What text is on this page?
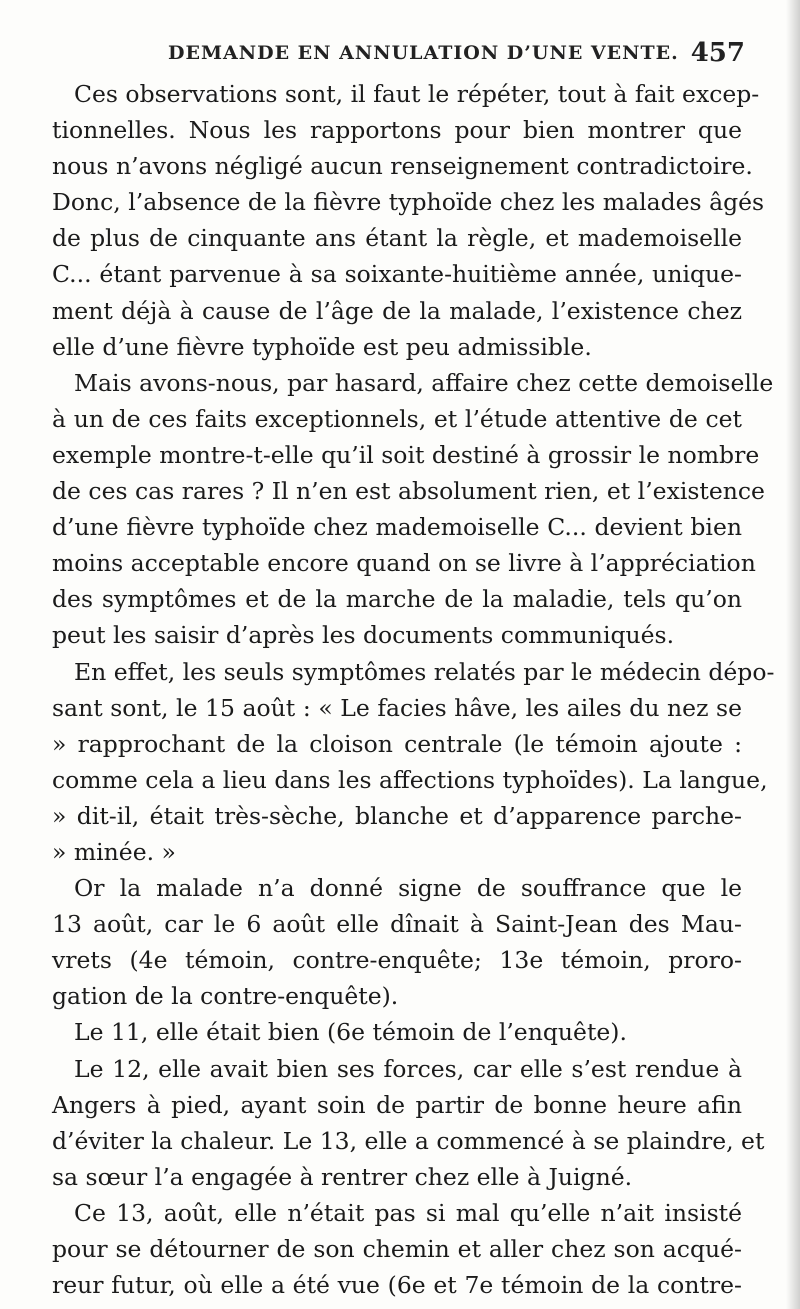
DEMANDE EN ANNULATION D’UNE VENTE. 457
Ces observations sont, il faut le répéter, tout à fait excep-
tionnelles. Nous les rapportons pour bien montrer que
nous n’avons négligé aucun renseignement contradictoire.
Donc, l’absence de la fièvre typhoïde chez les malades âgés
de plus de cinquante ans étant la règle, et mademoiselle
C... étant parvenue à sa soixante-huitième année, unique-
ment déjà à cause de l’âge de la malade, l’existence chez
elle d’une fièvre typhoïde est peu admissible.
Mais avons-nous, par hasard, affaire chez cette demoiselle
à un de ces faits exceptionnels, et l’étude attentive de cet
exemple montre-t-elle qu’il soit destiné à grossir le nombre
de ces cas rares ? Il n’en est absolument rien, et l’existence
d’une fièvre typhoïde chez mademoiselle C... devient bien
moins acceptable encore quand on se livre à l’appréciation
des symptômes et de la marche de la maladie, tels qu’on
peut les saisir d’après les documents communiqués.
En effet, les seuls symptômes relatés par le médecin dépo-
sant sont, le 15 août : « Le facies hâve, les ailes du nez se
» rapprochant de la cloison centrale (le témoin ajoute :
comme cela a lieu dans les affections typhoïdes). La langue,
» dit-il, était très-sèche, blanche et d’apparence parche-
» minée. »
Or la malade n’a donné signe de souffrance que le
13 août, car le 6 août elle dînait à Saint-Jean des Mau-
vrets (4e témoin, contre-enquête; 13e témoin, proro-
gation de la contre-enquête).
Le 11, elle était bien (6e témoin de l’enquête).
Le 12, elle avait bien ses forces, car elle s’est rendue à
Angers à pied, ayant soin de partir de bonne heure afin
d’éviter la chaleur. Le 13, elle a commencé à se plaindre, et
sa sœur l’a engagée à rentrer chez elle à Juigné.
Ce 13, août, elle n’était pas si mal qu’elle n’ait insisté
pour se détourner de son chemin et aller chez son acqué-
reur futur, où elle a été vue (6e et 7e témoin de la contre-
